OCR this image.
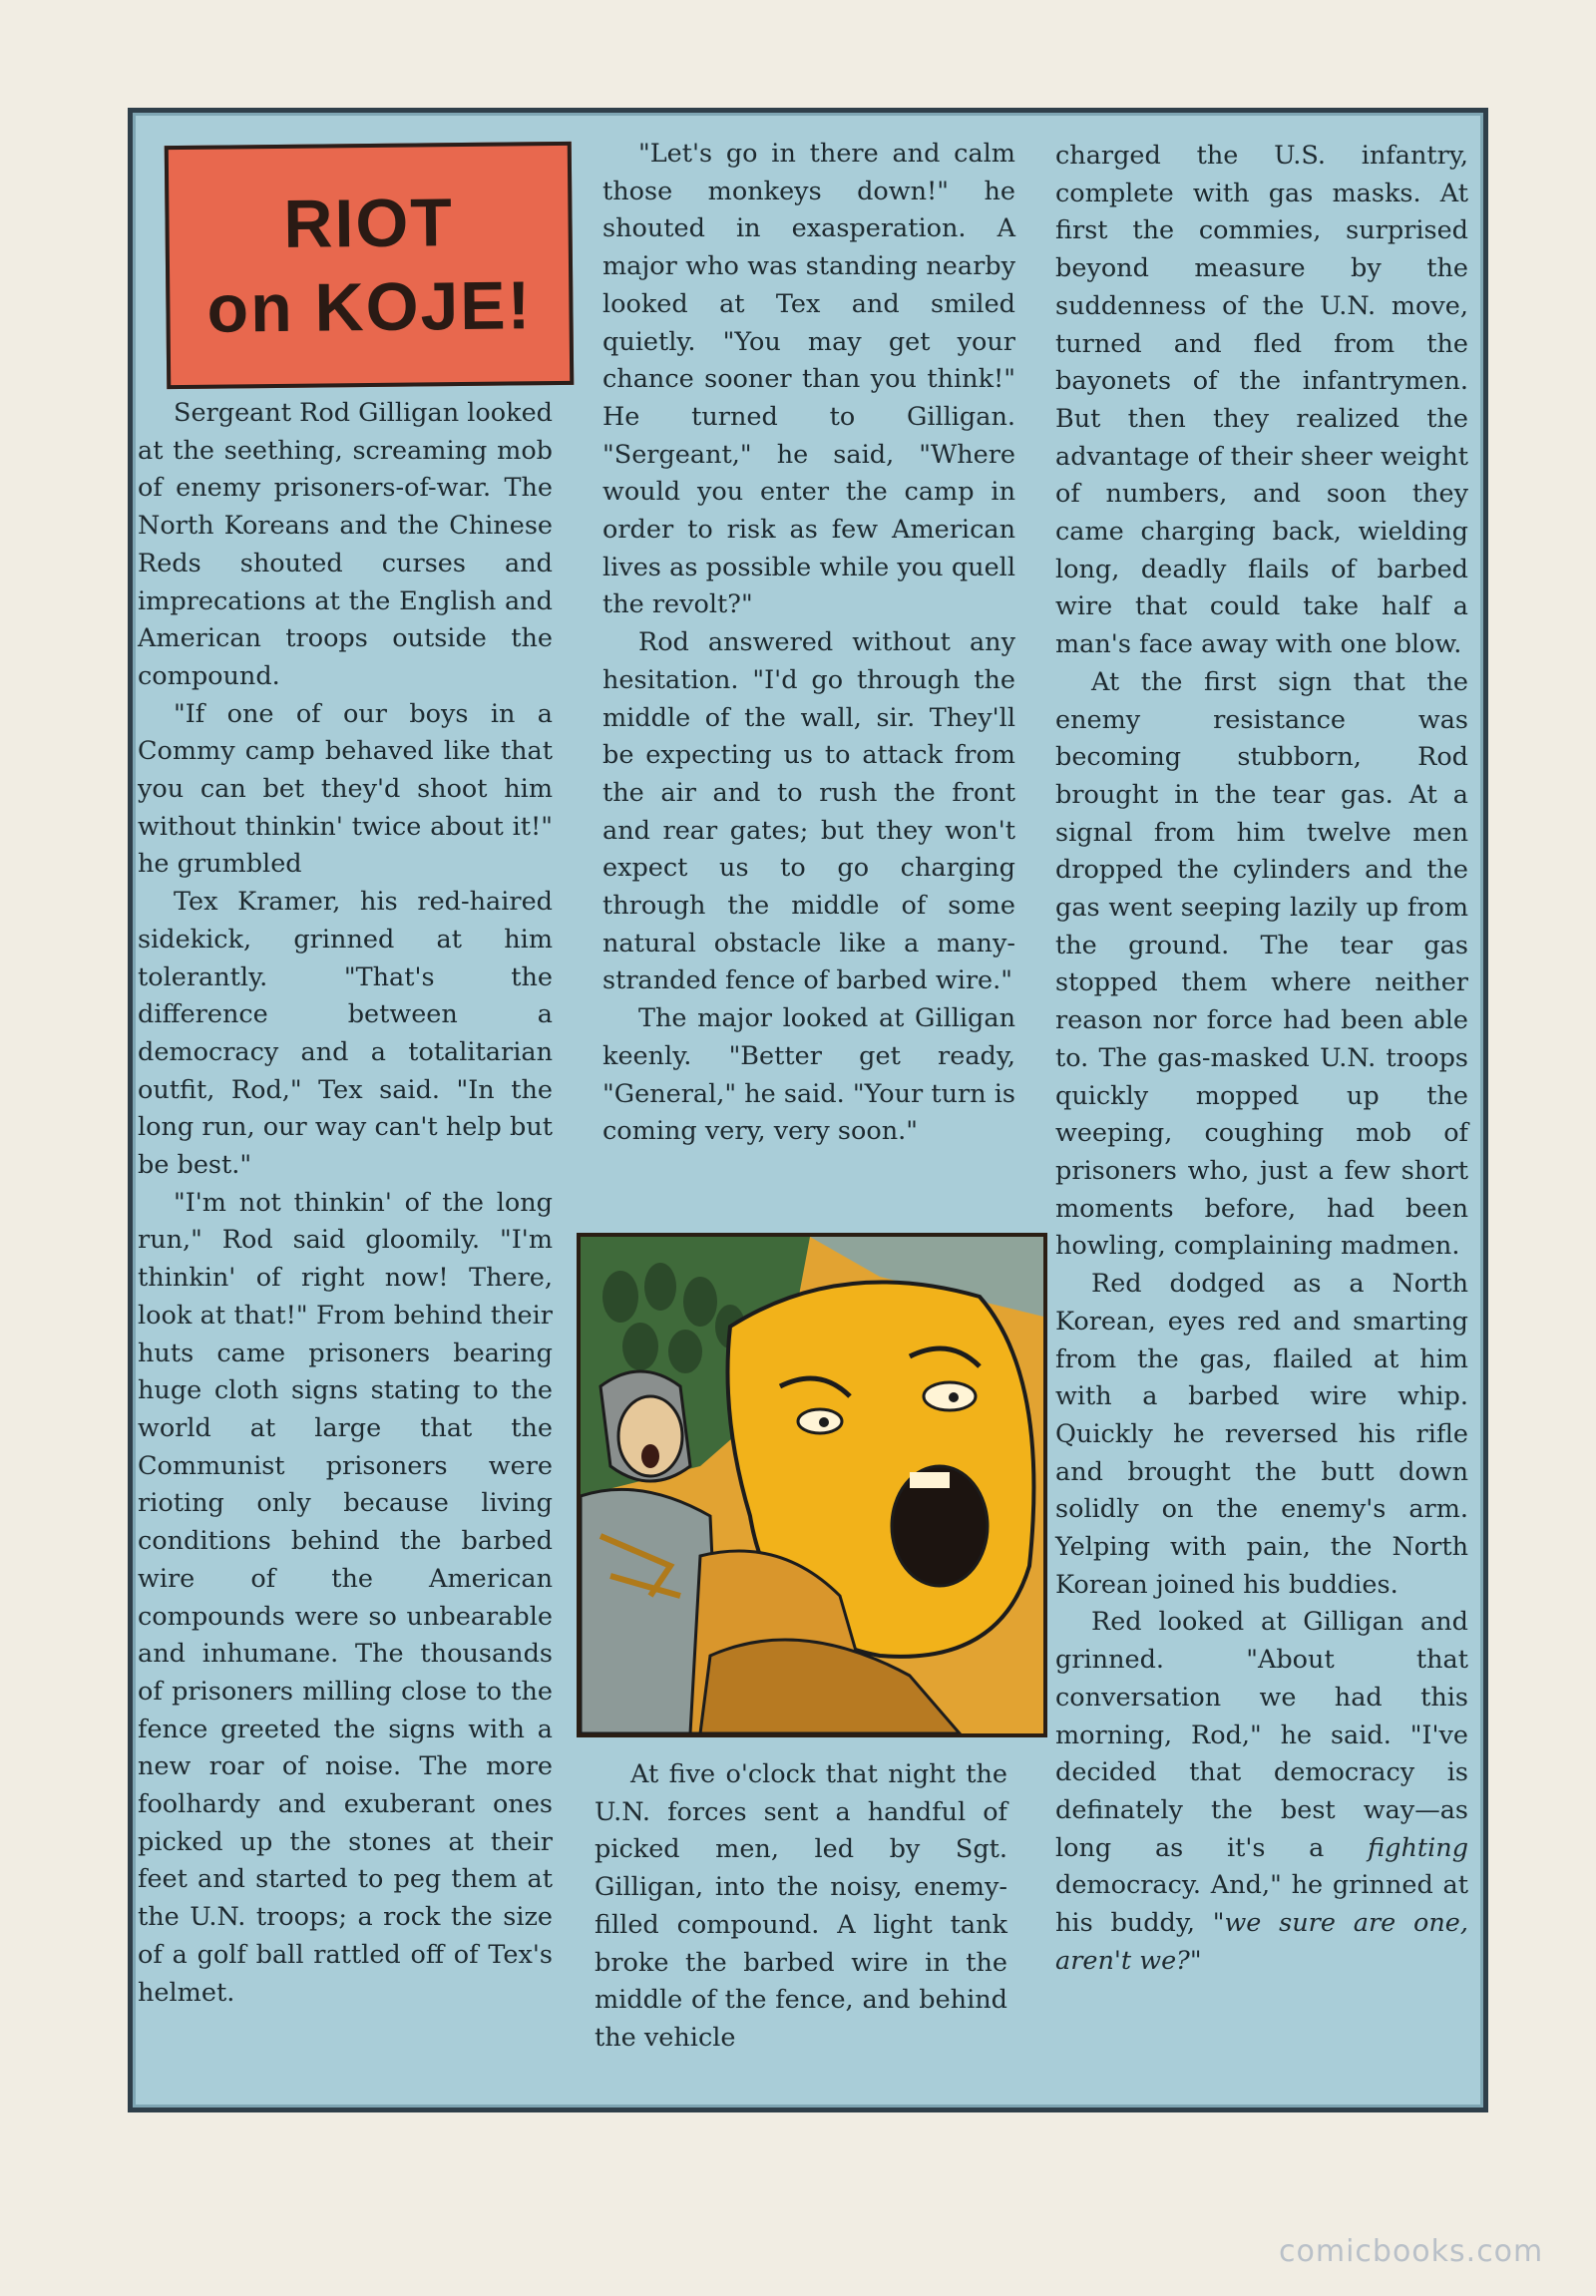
RIOT
on KOJE!

Sergeant Rod Gilligan looked at the seething, screaming mob of enemy prisoners-of-war. The North Koreans and the Chinese Reds shouted curses and imprecations at the English and American troops outside the compound.

"If one of our boys in a Commy camp behaved like that you can bet they'd shoot him without thinkin' twice about it!" he grumbled

Tex Kramer, his red-haired sidekick, grinned at him tolerantly. "That's the difference between a democracy and a totalitarian outfit, Rod," Tex said. "In the long run, our way can't help but be best."

"I'm not thinkin' of the long run," Rod said gloomily. "I'm thinkin' of right now! There, look at that!" From behind their huts came prisoners bearing huge cloth signs stating to the world at large that the Communist prisoners were rioting only because living conditions behind the barbed wire of the American compounds were so unbearable and inhumane. The thousands of prisoners milling close to the fence greeted the signs with a new roar of noise. The more foolhardy and exuberant ones picked up the stones at their feet and started to peg them at the U.N. troops; a rock the size of a golf ball rattled off of Tex's helmet.

"Let's go in there and calm those monkeys down!" he shouted in exasperation. A major who was standing nearby looked at Tex and smiled quietly. "You may get your chance sooner than you think!" He turned to Gilligan. "Sergeant," he said, "Where would you enter the camp in order to risk as few American lives as possible while you quell the revolt?"

Rod answered without any hesitation. "I'd go through the middle of the wall, sir. They'll be expecting us to attack from the air and to rush the front and rear gates; but they won't expect us to go charging through the middle of some natural obstacle like a many-stranded fence of barbed wire."

The major looked at Gilligan keenly. "Better get ready, "General," he said. "Your turn is coming very, very soon."

At five o'clock that night the U.N. forces sent a handful of picked men, led by Sgt. Gilligan, into the noisy, enemy-filled compound. A light tank broke the barbed wire in the middle of the fence, and behind the vehicle

charged the U.S. infantry, complete with gas masks. At first the commies, surprised beyond measure by the suddenness of the U.N. move, turned and fled from the bayonets of the infantrymen. But then they realized the advantage of their sheer weight of numbers, and soon they came charging back, wielding long, deadly flails of barbed wire that could take half a man's face away with one blow.

At the first sign that the enemy resistance was becoming stubborn, Rod brought in the tear gas. At a signal from him twelve men dropped the cylinders and the gas went seeping lazily up from the ground. The tear gas stopped them where neither reason nor force had been able to. The gas-masked U.N. troops quickly mopped up the weeping, coughing mob of prisoners who, just a few short moments before, had been howling, complaining madmen.

Red dodged as a North Korean, eyes red and smarting from the gas, flailed at him with a barbed wire whip. Quickly he reversed his rifle and brought the butt down solidly on the enemy's arm. Yelping with pain, the North Korean joined his buddies.

Red looked at Gilligan and grinned. "About that conversation we had this morning, Rod," he said. "I've decided that democracy is definately the best way—as long as it's a fighting democracy. And," he grinned at his buddy, "we sure are one, aren't we?"

comicbooks.com
